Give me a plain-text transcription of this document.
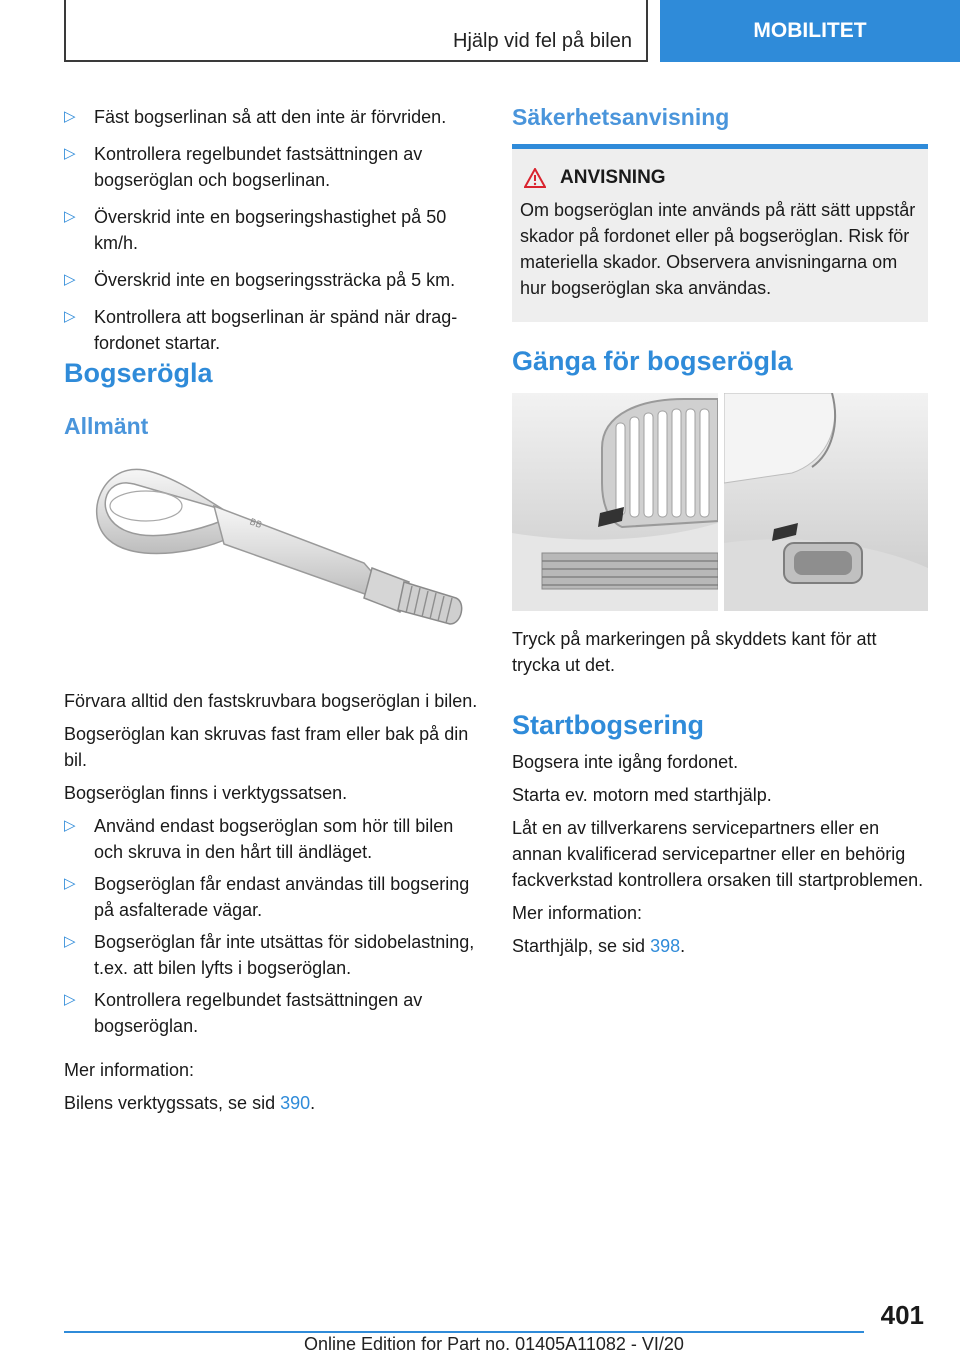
Hjälp vid fel på bilen	MOBILITET
▷ Fäst bogserlinan så att den inte är förvriden.
▷ Kontrollera regelbundet fastsättningen av bogseröglan och bogserlinan.
▷ Överskrid inte en bogseringshastighet på 50 km/h.
▷ Överskrid inte en bogseringssträcka på 5 km.
▷ Kontrollera att bogserlinan är spänd när dragfordonet startar.
Bogserögla
Allmänt
BB

Förvara alltid den fastskruvbara bogseröglan i bilen.

Bogseröglan kan skruvas fast fram eller bak på din bil.

Bogseröglan finns i verktygssatsen.

▷ Använd endast bogseröglan som hör till bilen och skruva in den hårt till ändläget.
▷ Bogseröglan får endast användas till bogsering på asfalterade vägar.
▷ Bogseröglan får inte utsättas för sidobelastning, t.ex. att bilen lyfts i bogseröglan.
▷ Kontrollera regelbundet fastsättningen av bogseröglan.

Mer information:

Bilens verktygssats, se sid 390.

Säkerhetsanvisning
ANVISNING
Om bogseröglan inte används på rätt sätt uppstår skador på fordonet eller på bogseröglan. Risk för materiella skador. Observera anvisningarna om hur bogseröglan ska användas.
Gänga för bogserögla

Tryck på markeringen på skyddets kant för att trycka ut det.

Startbogsering

Bogsera inte igång fordonet.

Starta ev. motorn med starthjälp.

Låt en av tillverkarens servicepartners eller en annan kvalificerad servicepartner eller en behörig fackverkstad kontrollera orsaken till startproblemen.

Mer information:

Starthjälp, se sid 398.

401
Online Edition for Part no. 01405A11082 - VI/20
